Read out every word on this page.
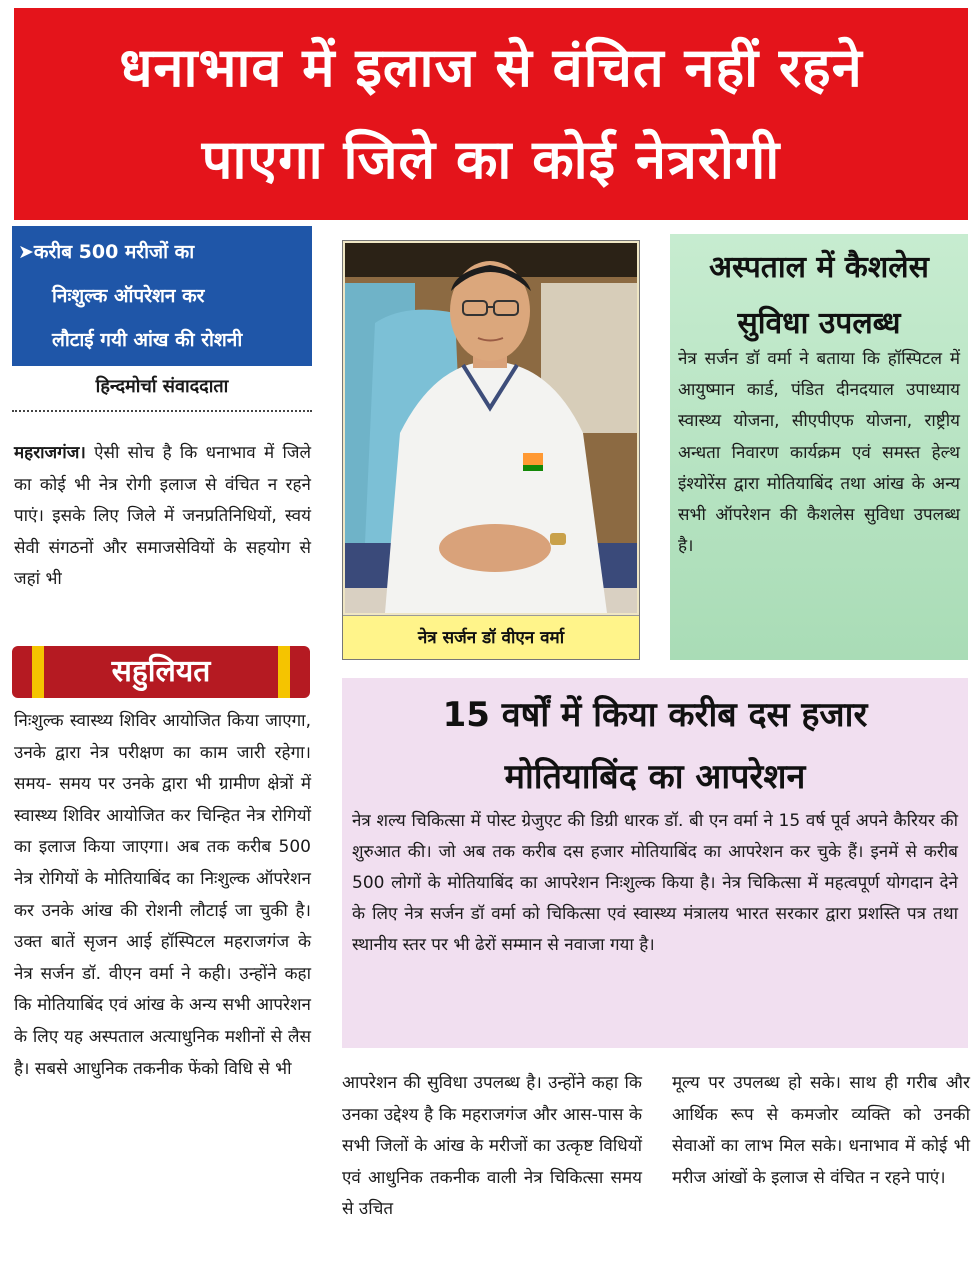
धनाभाव में इलाज से वंचित नहीं रहने
पाएगा जिले का कोई नेत्ररोगी
➤करीब 500 मरीजों का
निःशुल्क ऑपरेशन कर
लौटाई गयी आंख की रोशनी
हिन्दमोर्चा संवाददाता
महराजगंज। ऐसी सोच है कि धनाभाव में जिले का कोई भी नेत्र रोगी इलाज से वंचित न रहने पाएं। इसके लिए जिले में जनप्रतिनिधियों, स्वयं सेवी संगठनों और समाजसेवियों के सहयोग से जहां भी
सहुलियत
निःशुल्क स्वास्थ्य शिविर आयोजित किया जाएगा, उनके द्वारा नेत्र परीक्षण का काम जारी रहेगा। समय- समय पर उनके द्वारा भी ग्रामीण क्षेत्रों में स्वास्थ्य शिविर आयोजित कर चिन्हित नेत्र रोगियों का इलाज किया जाएगा। अब तक करीब 500 नेत्र रोगियों के मोतियाबिंद का निःशुल्क ऑपरेशन कर उनके आंख की रोशनी लौटाई जा चुकी है। उक्त बातें सृजन आई हॉस्पिटल महराजगंज के नेत्र सर्जन डॉ. वीएन वर्मा ने कही। उन्होंने कहा कि मोतियाबिंद एवं आंख के अन्य सभी आपरेशन के लिए यह अस्पताल अत्याधुनिक मशीनों से लैस है। सबसे आधुनिक तकनीक फेंको विधि से भी
नेत्र सर्जन डॉ वीएन वर्मा
अस्पताल में कैशलेस
सुविधा उपलब्ध
नेत्र सर्जन डॉ वर्मा ने बताया कि हॉस्पिटल में आयुष्मान कार्ड, पंडित दीनदयाल उपाध्याय स्वास्थ्य योजना, सीएपीएफ योजना, राष्ट्रीय अन्धता निवारण कार्यक्रम एवं समस्त हेल्थ इंश्योरेंस द्वारा मोतियाबिंद तथा आंख के अन्य सभी ऑपरेशन की कैशलेस सुविधा उपलब्ध है।
15 वर्षों में किया करीब दस हजार
मोतियाबिंद का आपरेशन
नेत्र शल्य चिकित्सा में पोस्ट ग्रेजुएट की डिग्री धारक डॉ. बी एन वर्मा ने 15 वर्ष पूर्व अपने कैरियर की शुरुआत की। जो अब तक करीब दस हजार मोतियाबिंद का आपरेशन कर चुके हैं। इनमें से करीब 500 लोगों के मोतियाबिंद का आपरेशन निःशुल्क किया है। नेत्र चिकित्सा में महत्वपूर्ण योगदान देने के लिए नेत्र सर्जन डॉ वर्मा को चिकित्सा एवं स्वास्थ्य मंत्रालय भारत सरकार द्वारा प्रशस्ति पत्र तथा स्थानीय स्तर पर भी ढेरों सम्मान से नवाजा गया है।
आपरेशन की सुविधा उपलब्ध है। उन्होंने कहा कि उनका उद्देश्य है कि महराजगंज और आस-पास के सभी जिलों के आंख के मरीजों का उत्कृष्ट विधियों एवं आधुनिक तकनीक वाली नेत्र चिकित्सा समय से उचित
मूल्य पर उपलब्ध हो सके। साथ ही गरीब और आर्थिक रूप से कमजोर व्यक्ति को उनकी सेवाओं का लाभ मिल सके। धनाभाव में कोई भी मरीज आंखों के इलाज से वंचित न रहने पाएं।
